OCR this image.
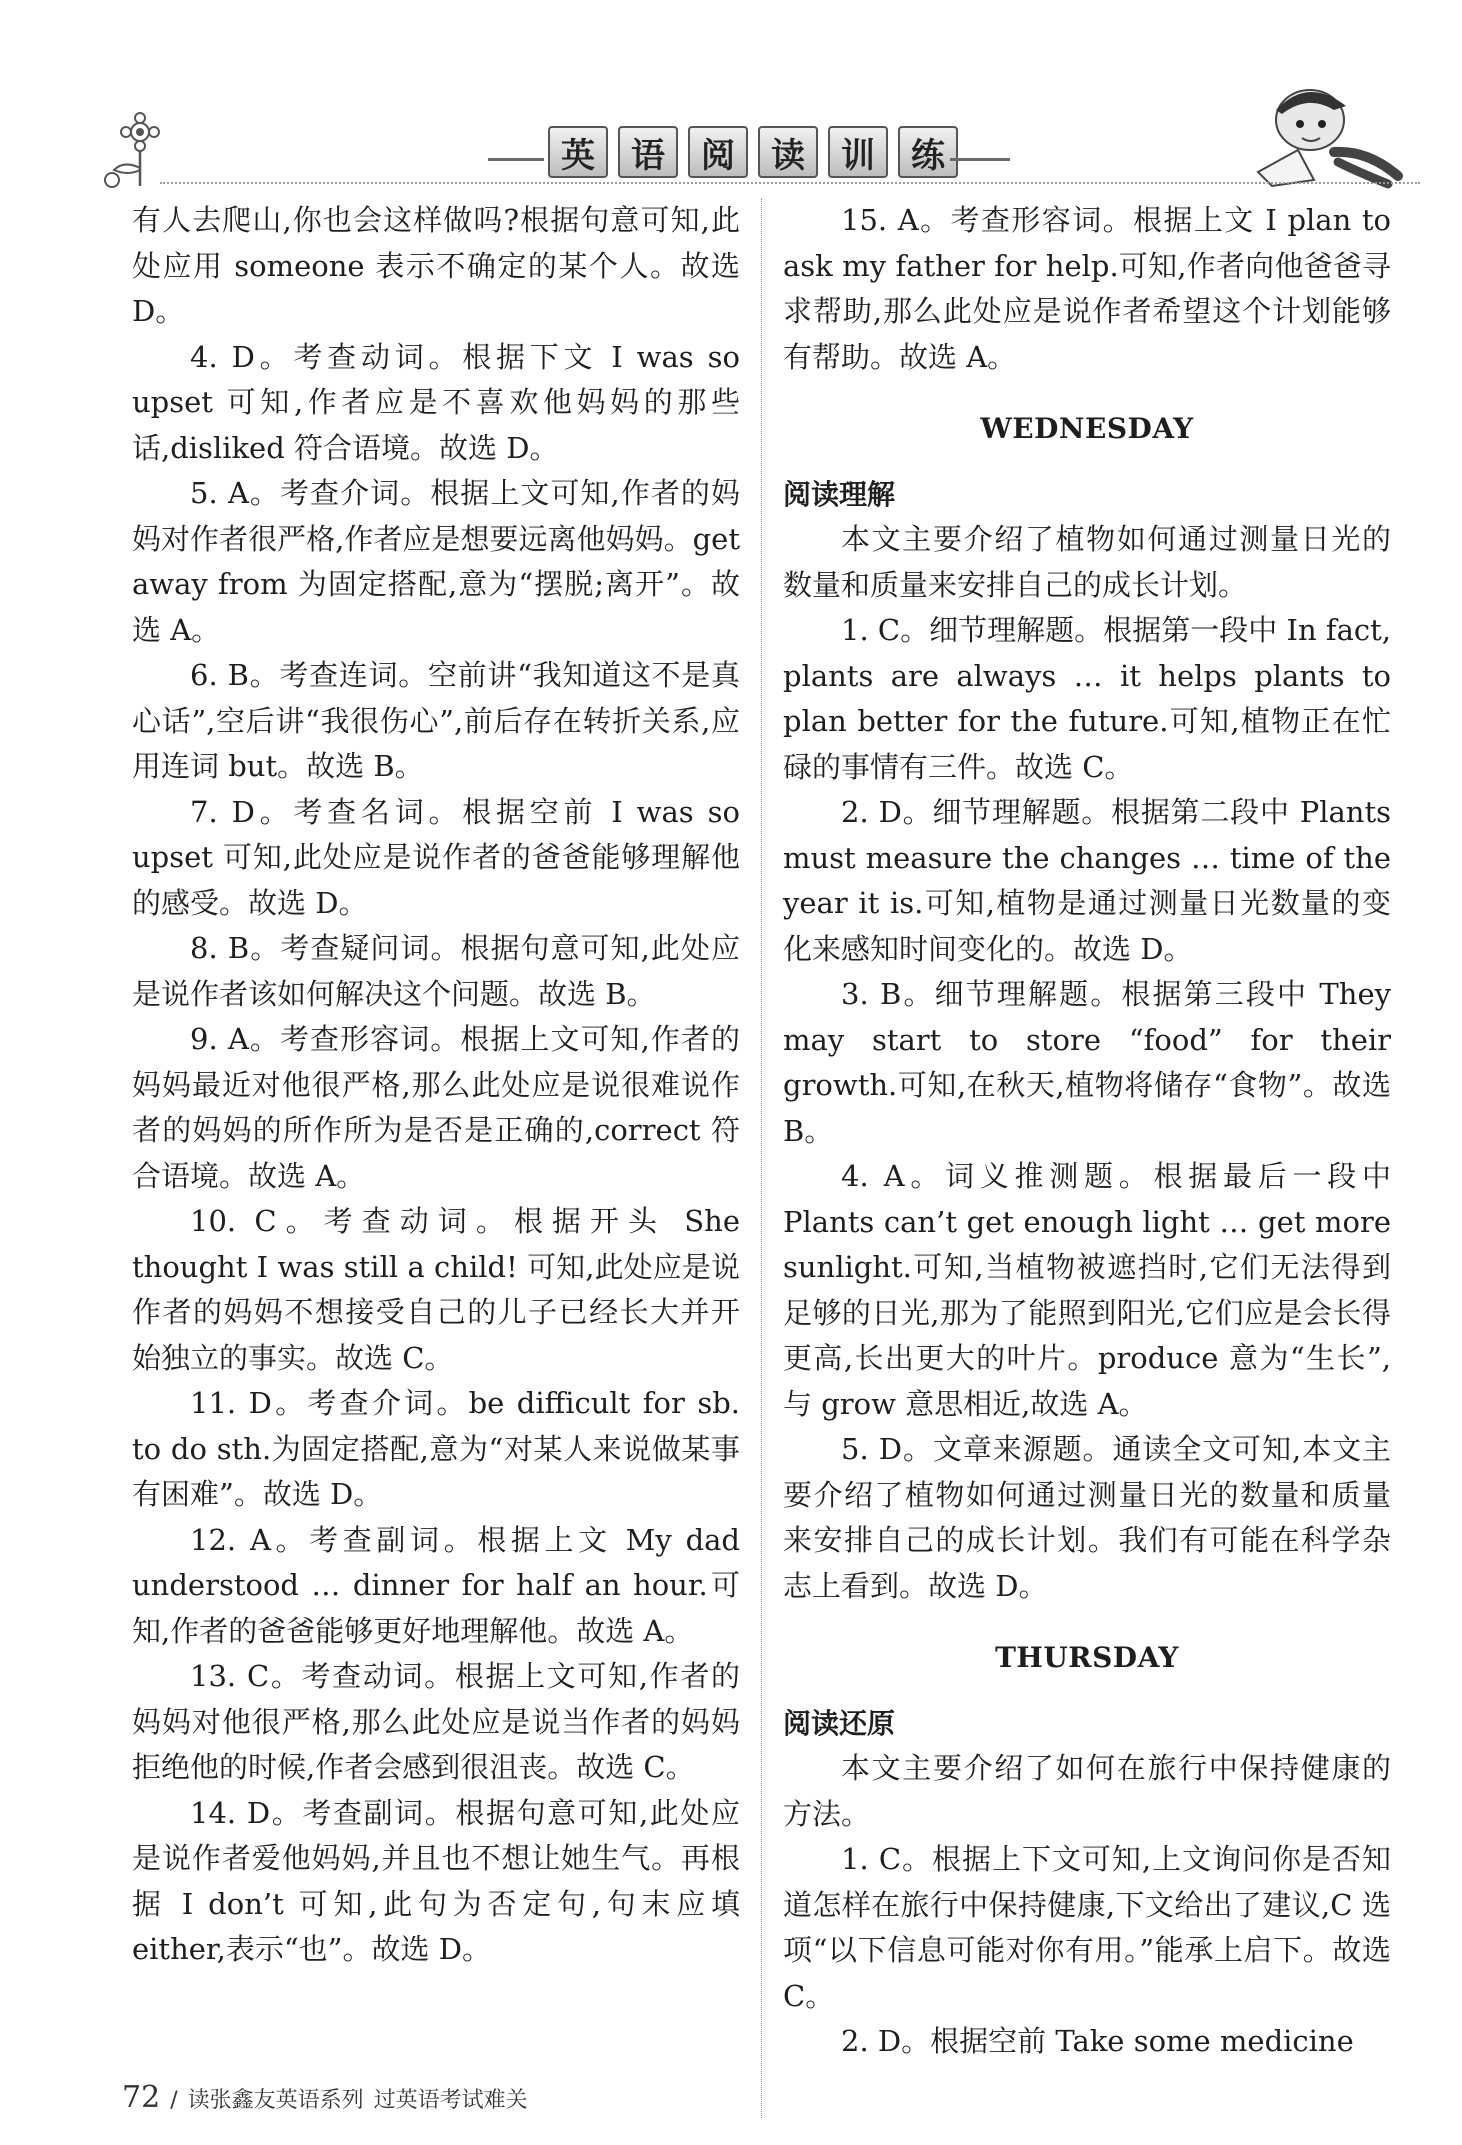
英	语	阅	读	训	练

有人去爬山,你也会这样做吗?根据句意可知,此处应用 someone 表示不确定的某个人。故选 D。

4. D。考查动词。根据下文 I was so upset 可知,作者应是不喜欢他妈妈的那些话,disliked 符合语境。故选 D。

5. A。考查介词。根据上文可知,作者的妈妈对作者很严格,作者应是想要远离他妈妈。get away from 为固定搭配,意为“摆脱;离开”。故选 A。

6. B。考查连词。空前讲“我知道这不是真心话”,空后讲“我很伤心”,前后存在转折关系,应用连词 but。故选 B。

7. D。考查名词。根据空前 I was so upset 可知,此处应是说作者的爸爸能够理解他的感受。故选 D。

8. B。考查疑问词。根据句意可知,此处应是说作者该如何解决这个问题。故选 B。

9. A。考查形容词。根据上文可知,作者的妈妈最近对他很严格,那么此处应是说很难说作者的妈妈的所作所为是否是正确的,correct 符合语境。故选 A。

10. C。考查动词。根据开头 She thought I was still a child! 可知,此处应是说作者的妈妈不想接受自己的儿子已经长大并开始独立的事实。故选 C。

11. D。考查介词。be difficult for sb. to do sth.为固定搭配,意为“对某人来说做某事有困难”。故选 D。

12. A。考查副词。根据上文 My dad understood … dinner for half an hour.可知,作者的爸爸能够更好地理解他。故选 A。

13. C。考查动词。根据上文可知,作者的妈妈对他很严格,那么此处应是说当作者的妈妈拒绝他的时候,作者会感到很沮丧。故选 C。

14. D。考查副词。根据句意可知,此处应是说作者爱他妈妈,并且也不想让她生气。再根据 I don’t 可知,此句为否定句,句末应填 either,表示“也”。故选 D。

15. A。考查形容词。根据上文 I plan to ask my father for help.可知,作者向他爸爸寻求帮助,那么此处应是说作者希望这个计划能够有帮助。故选 A。

WEDNESDAY

阅读理解

本文主要介绍了植物如何通过测量日光的数量和质量来安排自己的成长计划。

1. C。细节理解题。根据第一段中 In fact, plants are always … it helps plants to plan better for the future.可知,植物正在忙碌的事情有三件。故选 C。

2. D。细节理解题。根据第二段中 Plants must measure the changes … time of the year it is.可知,植物是通过测量日光数量的变化来感知时间变化的。故选 D。

3. B。细节理解题。根据第三段中 They may start to store “food” for their growth.可知,在秋天,植物将储存“食物”。故选 B。

4. A。词义推测题。根据最后一段中 Plants can’t get enough light … get more sunlight.可知,当植物被遮挡时,它们无法得到足够的日光,那为了能照到阳光,它们应是会长得更高,长出更大的叶片。produce 意为“生长”,与 grow 意思相近,故选 A。

5. D。文章来源题。通读全文可知,本文主要介绍了植物如何通过测量日光的数量和质量来安排自己的成长计划。我们有可能在科学杂志上看到。故选 D。

THURSDAY

阅读还原

本文主要介绍了如何在旅行中保持健康的方法。

1. C。根据上下文可知,上文询问你是否知道怎样在旅行中保持健康,下文给出了建议,C 选项“以下信息可能对你有用。”能承上启下。故选 C。

2. D。根据空前 Take some medicine

72 / 读张鑫友英语系列 过英语考试难关
